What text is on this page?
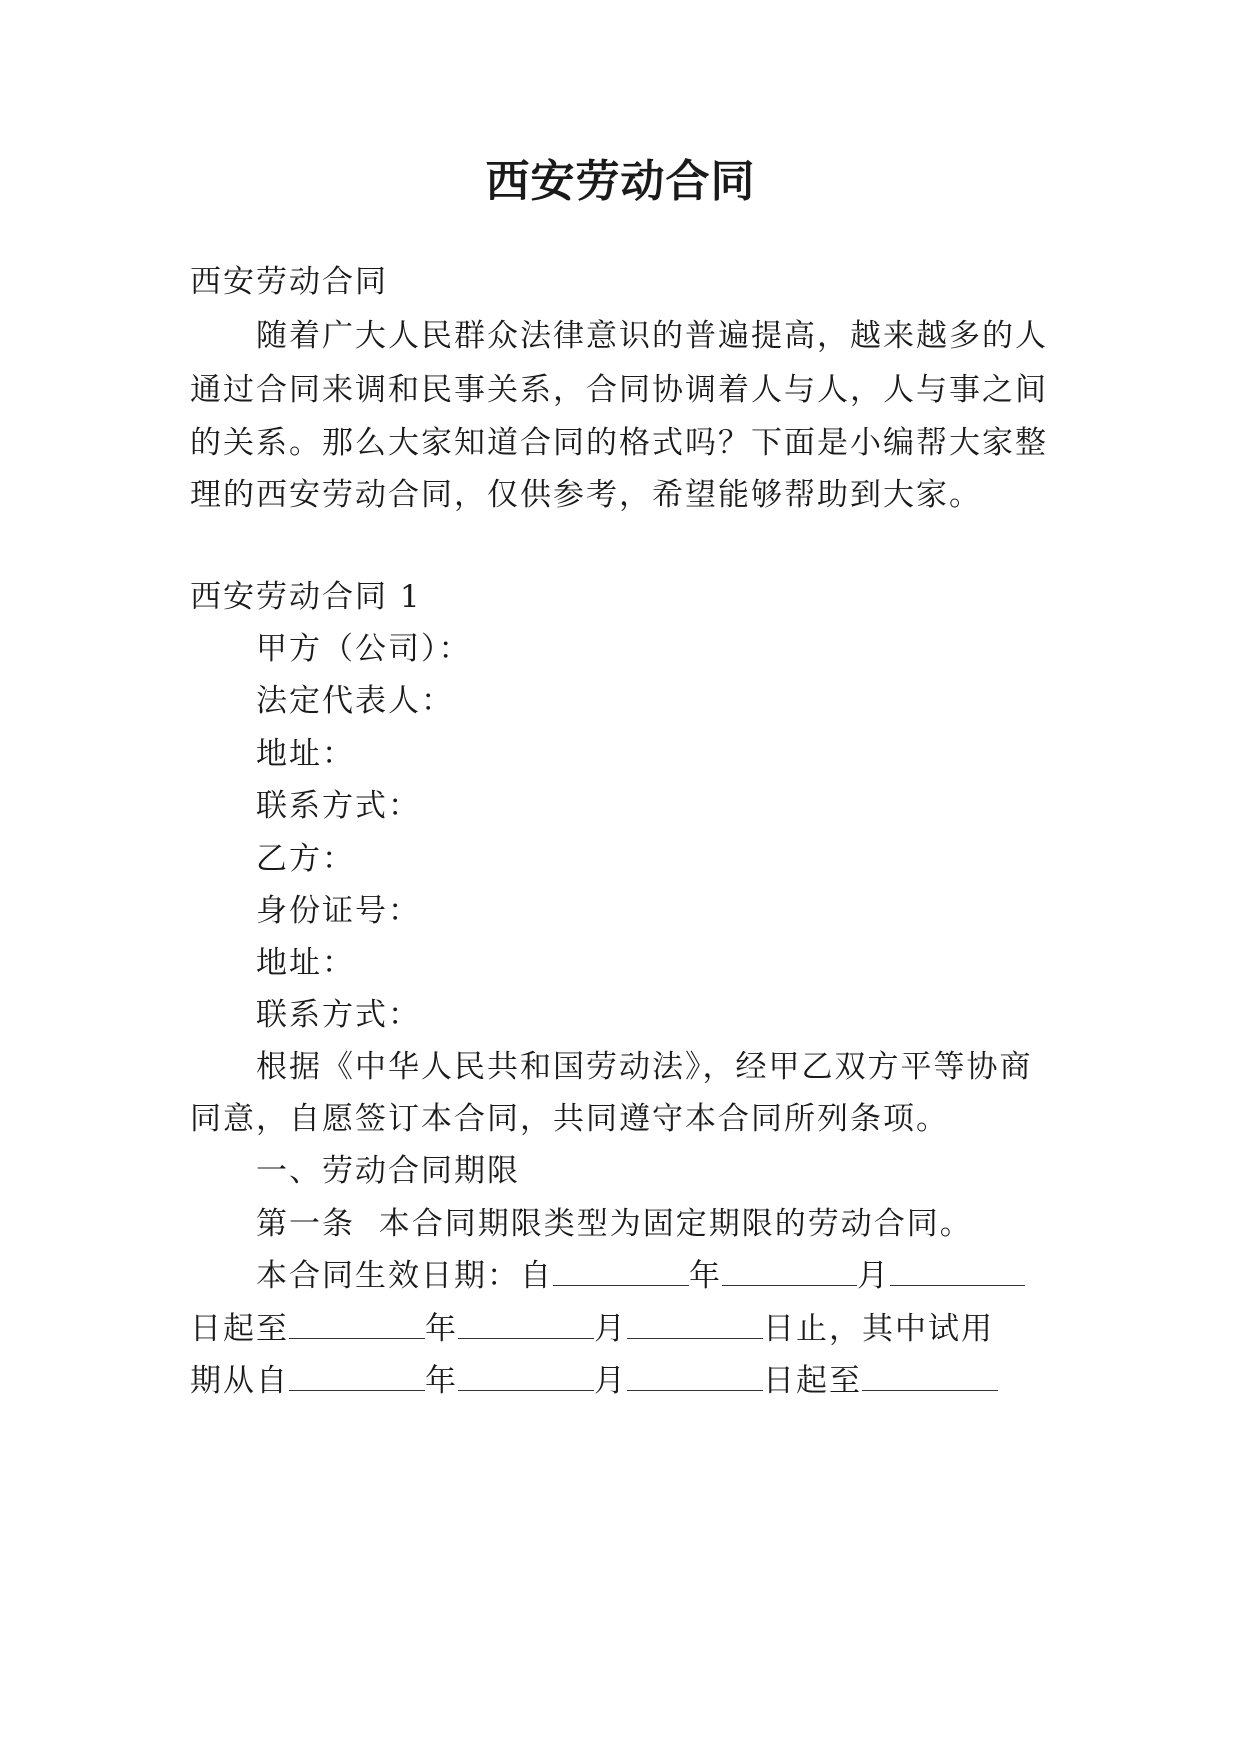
西安劳动合同
西安劳动合同
随着广大人民群众法律意识的普遍提高，越来越多的人
通过合同来调和民事关系，合同协调着人与人，人与事之间
的关系。那么大家知道合同的格式吗？下面是小编帮大家整
理的西安劳动合同，仅供参考，希望能够帮助到大家。
西安劳动合同 1
甲方（公司）：
法定代表人：
地址：
联系方式：
乙方：
身份证号：
地址：
联系方式：
根据《中华人民共和国劳动法》，经甲乙双方平等协商
同意，自愿签订本合同，共同遵守本合同所列条项。
一、劳动合同期限
第一条  本合同期限类型为固定期限的劳动合同。
本合同生效日期：自	年	月
日起至	年	月	日止，其中试用
期从自	年	月	日起至
